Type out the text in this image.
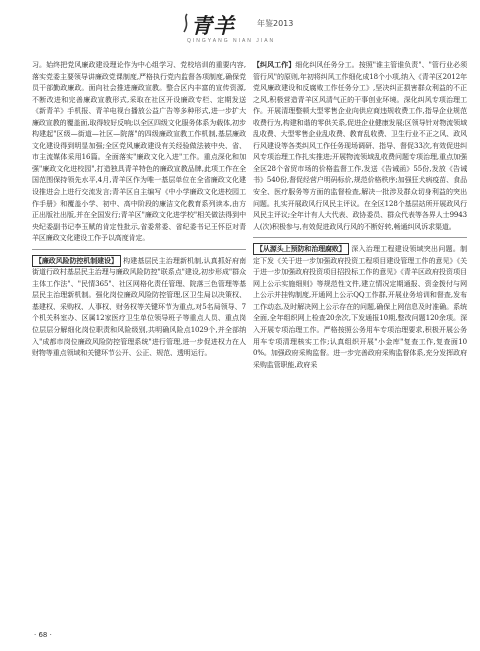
青羊	年鉴2013
QINGYANG NIAN JIAN

习。始终把党风廉政建设理论作为中心组学习、党校培训的重要内容,落实党委主要领导讲廉政党课制度,严格执行党内监督各项制度,确保党员干部勤政廉政。面向社会推进廉政宣教。整合区内丰富的宣传资源,不断改进和完善廉政宣教形式,采取在社区开设廉政专栏、定期发送《新青羊》手机报、青羊电视台播放公益广告等多种形式,进一步扩大廉政宣教的覆盖面,取得较好反响;以全区四级文化服务体系为载体,初步构建起"区级—街道—社区—院落"的四级廉政宣教工作机制,基层廉政文化建设得到明显加强;全区党风廉政建设有关经验做法被中央、省、市主流媒体采用16篇。全面落实"廉政文化入进"工作。重点深化和加强"廉政文化进校园",打造独具青羊特色的廉政宣教品牌,此项工作在全国范围保持领先水平,4月,青羊区作为唯一基层单位在全省廉政文化建设推进会上进行交流发言;青羊区自主编写《中小学廉政文化进校园工作手册》和覆盖小学、初中、高中阶段的廉洁文化教育系列读本,由方正出版社出版,并在全国发行;青羊区"廉政文化进学校"相关做法得到中央纪委副书记李玉赋的肯定性批示,省委常委、省纪委书记王怀臣对青羊区廉政文化建设工作予以高度肯定。

【廉政风险防控机制建设】 构建基层民主治理新机制,认真抓好府南街道行政村基层民主治理与廉政风险防控"联系点"建设,初步形成"群众主体工作法"、"民情365"、社区网格化责任管理、院落三色管理等基层民主治理新机制。强化岗位廉政风险防控管理,区卫生局以决策权、基建权、采购权、人事权、财务权等关键环节为重点,对5名局领导、7个机关科室办、区属12家医疗卫生单位领导班子等重点人员、重点岗位层层分解细化岗位职责和风险级别,共明确风险点1029个,并全部纳入"成都市岗位廉政风险防控管理系统"进行管理,进一步促进权力在人财物等重点领域和关键环节公开、公正、规范、透明运行。

【纠风工作】细化纠风任务分工。按照"谁主管谁负责"、"管行业必须管行风"的原则,年初将纠风工作细化成18个小项,纳入《青羊区2012年党风廉政建设和反腐败工作任务分工》,坚决纠正损害群众利益的不正之风,积极营造青羊区风清气正的干事创业环境。深化纠风专项治理工作。开展清理整顿大型零售企业向供应商违规收费工作,指导企业规范收费行为,构建和谐的零供关系,促进企业健康发展;区领导针对物流领域乱收费、大型零售企业乱收费、教育乱收费、卫生行业不正之风、政风行风建设等各类纠风工作任务现场调研、指导、督促33次,有效促进纠风专项治理工作扎实推进;开展物流领域乱收费问题专项治理,重点加强全区28个省贸市场的价格监督工作,发送《告诫函》55份,发放《告诫书》540份,督促经营户明码标价,规范价格秩序;加强狂犬病疫苗、食品安全、医疗服务等方面的监督检查,解决一批涉及群众切身利益的突出问题。扎实开展政风行风民主评议。在全区128个基层站所开展政风行风民主评议;全年计有人大代表、政协委员、群众代表等各界人士9943人(次)积极参与,有效促进政风行风的不断好转,畅通纠风诉求渠道。

【从源头上预防和治理腐败】 深入治理工程建设领域突出问题。制定下发《关于进一步加强政府投资工程项目建设管理工作的意见》《关于进一步加强政府投资项目招投标工作的意见》《青羊区政府投资项目网上公示实施细则》等规范性文件,建立情况定期通报、资金拨付与网上公示并挂钩制度,开通网上公示QQ工作群,开展业务培训和督查,发布工作动态,及时解决网上公示存在的问题,确保上网信息及时准确。系统全面,全年组织网上检查20余次,下发通报10期,整改问题120余项。深入开展专项治理工作。严格按照公务用车专项治理要求,积极开展公务用车专项清理核实工作;认真组织开展"小金库"复查工作,复查面100%。加强政府采购监督。进一步完善政府采购监督体系,充分发挥政府采购监管职能,政府采

· 68 ·
